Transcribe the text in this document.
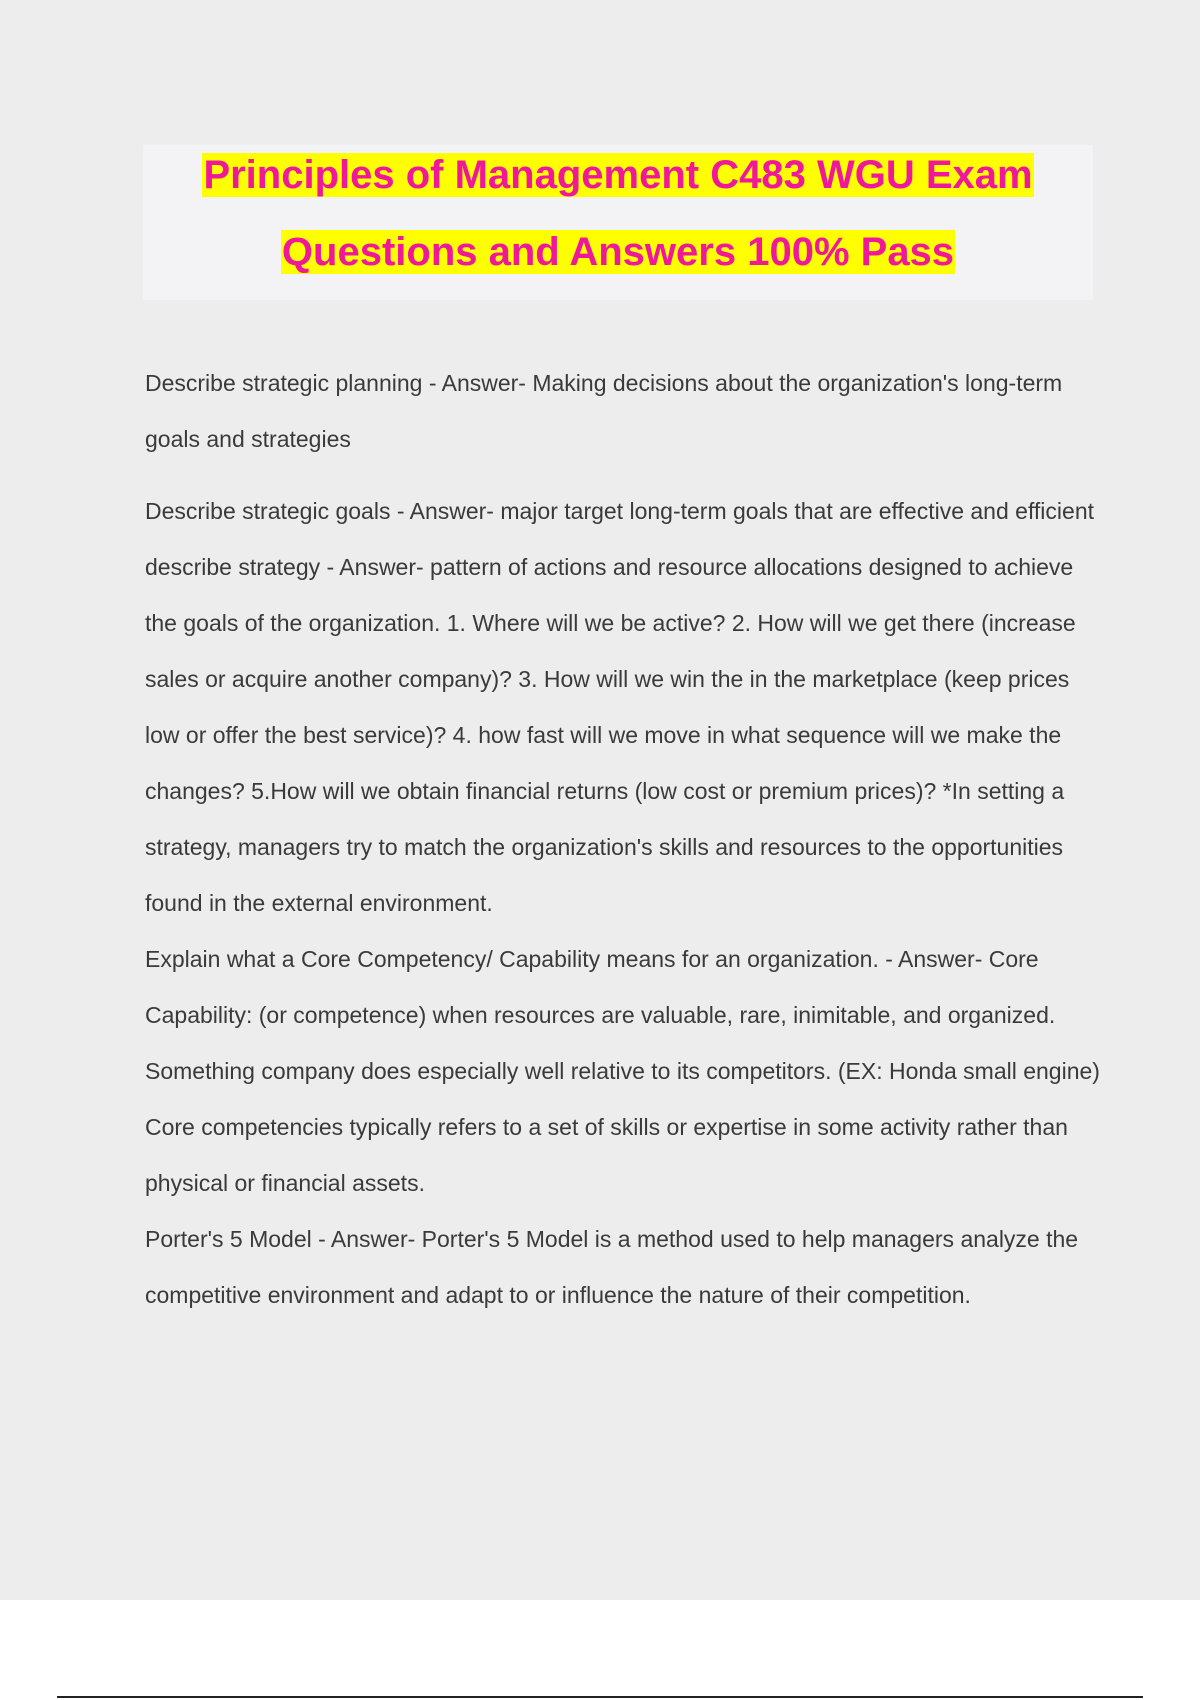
Principles of Management C483 WGU Exam
Questions and Answers 100% Pass

Describe strategic planning - Answer- Making decisions about the organization's long-term goals and strategies

Describe strategic goals - Answer- major target long-term goals that are effective and efficient

describe strategy - Answer- pattern of actions and resource allocations designed to achieve the goals of the organization. 1. Where will we be active? 2. How will we get there (increase sales or acquire another company)? 3. How will we win the in the marketplace (keep prices low or offer the best service)? 4. how fast will we move in what sequence will we make the changes? 5.How will we obtain financial returns (low cost or premium prices)? *In setting a strategy, managers try to match the organization's skills and resources to the opportunities found in the external environment.

Explain what a Core Competency/ Capability means for an organization. - Answer- Core Capability: (or competence) when resources are valuable, rare, inimitable, and organized. Something company does especially well relative to its competitors. (EX: Honda small engine) Core competencies typically refers to a set of skills or expertise in some activity rather than physical or financial assets.

Porter's 5 Model - Answer- Porter's 5 Model is a method used to help managers analyze the competitive environment and adapt to or influence the nature of their competition.
